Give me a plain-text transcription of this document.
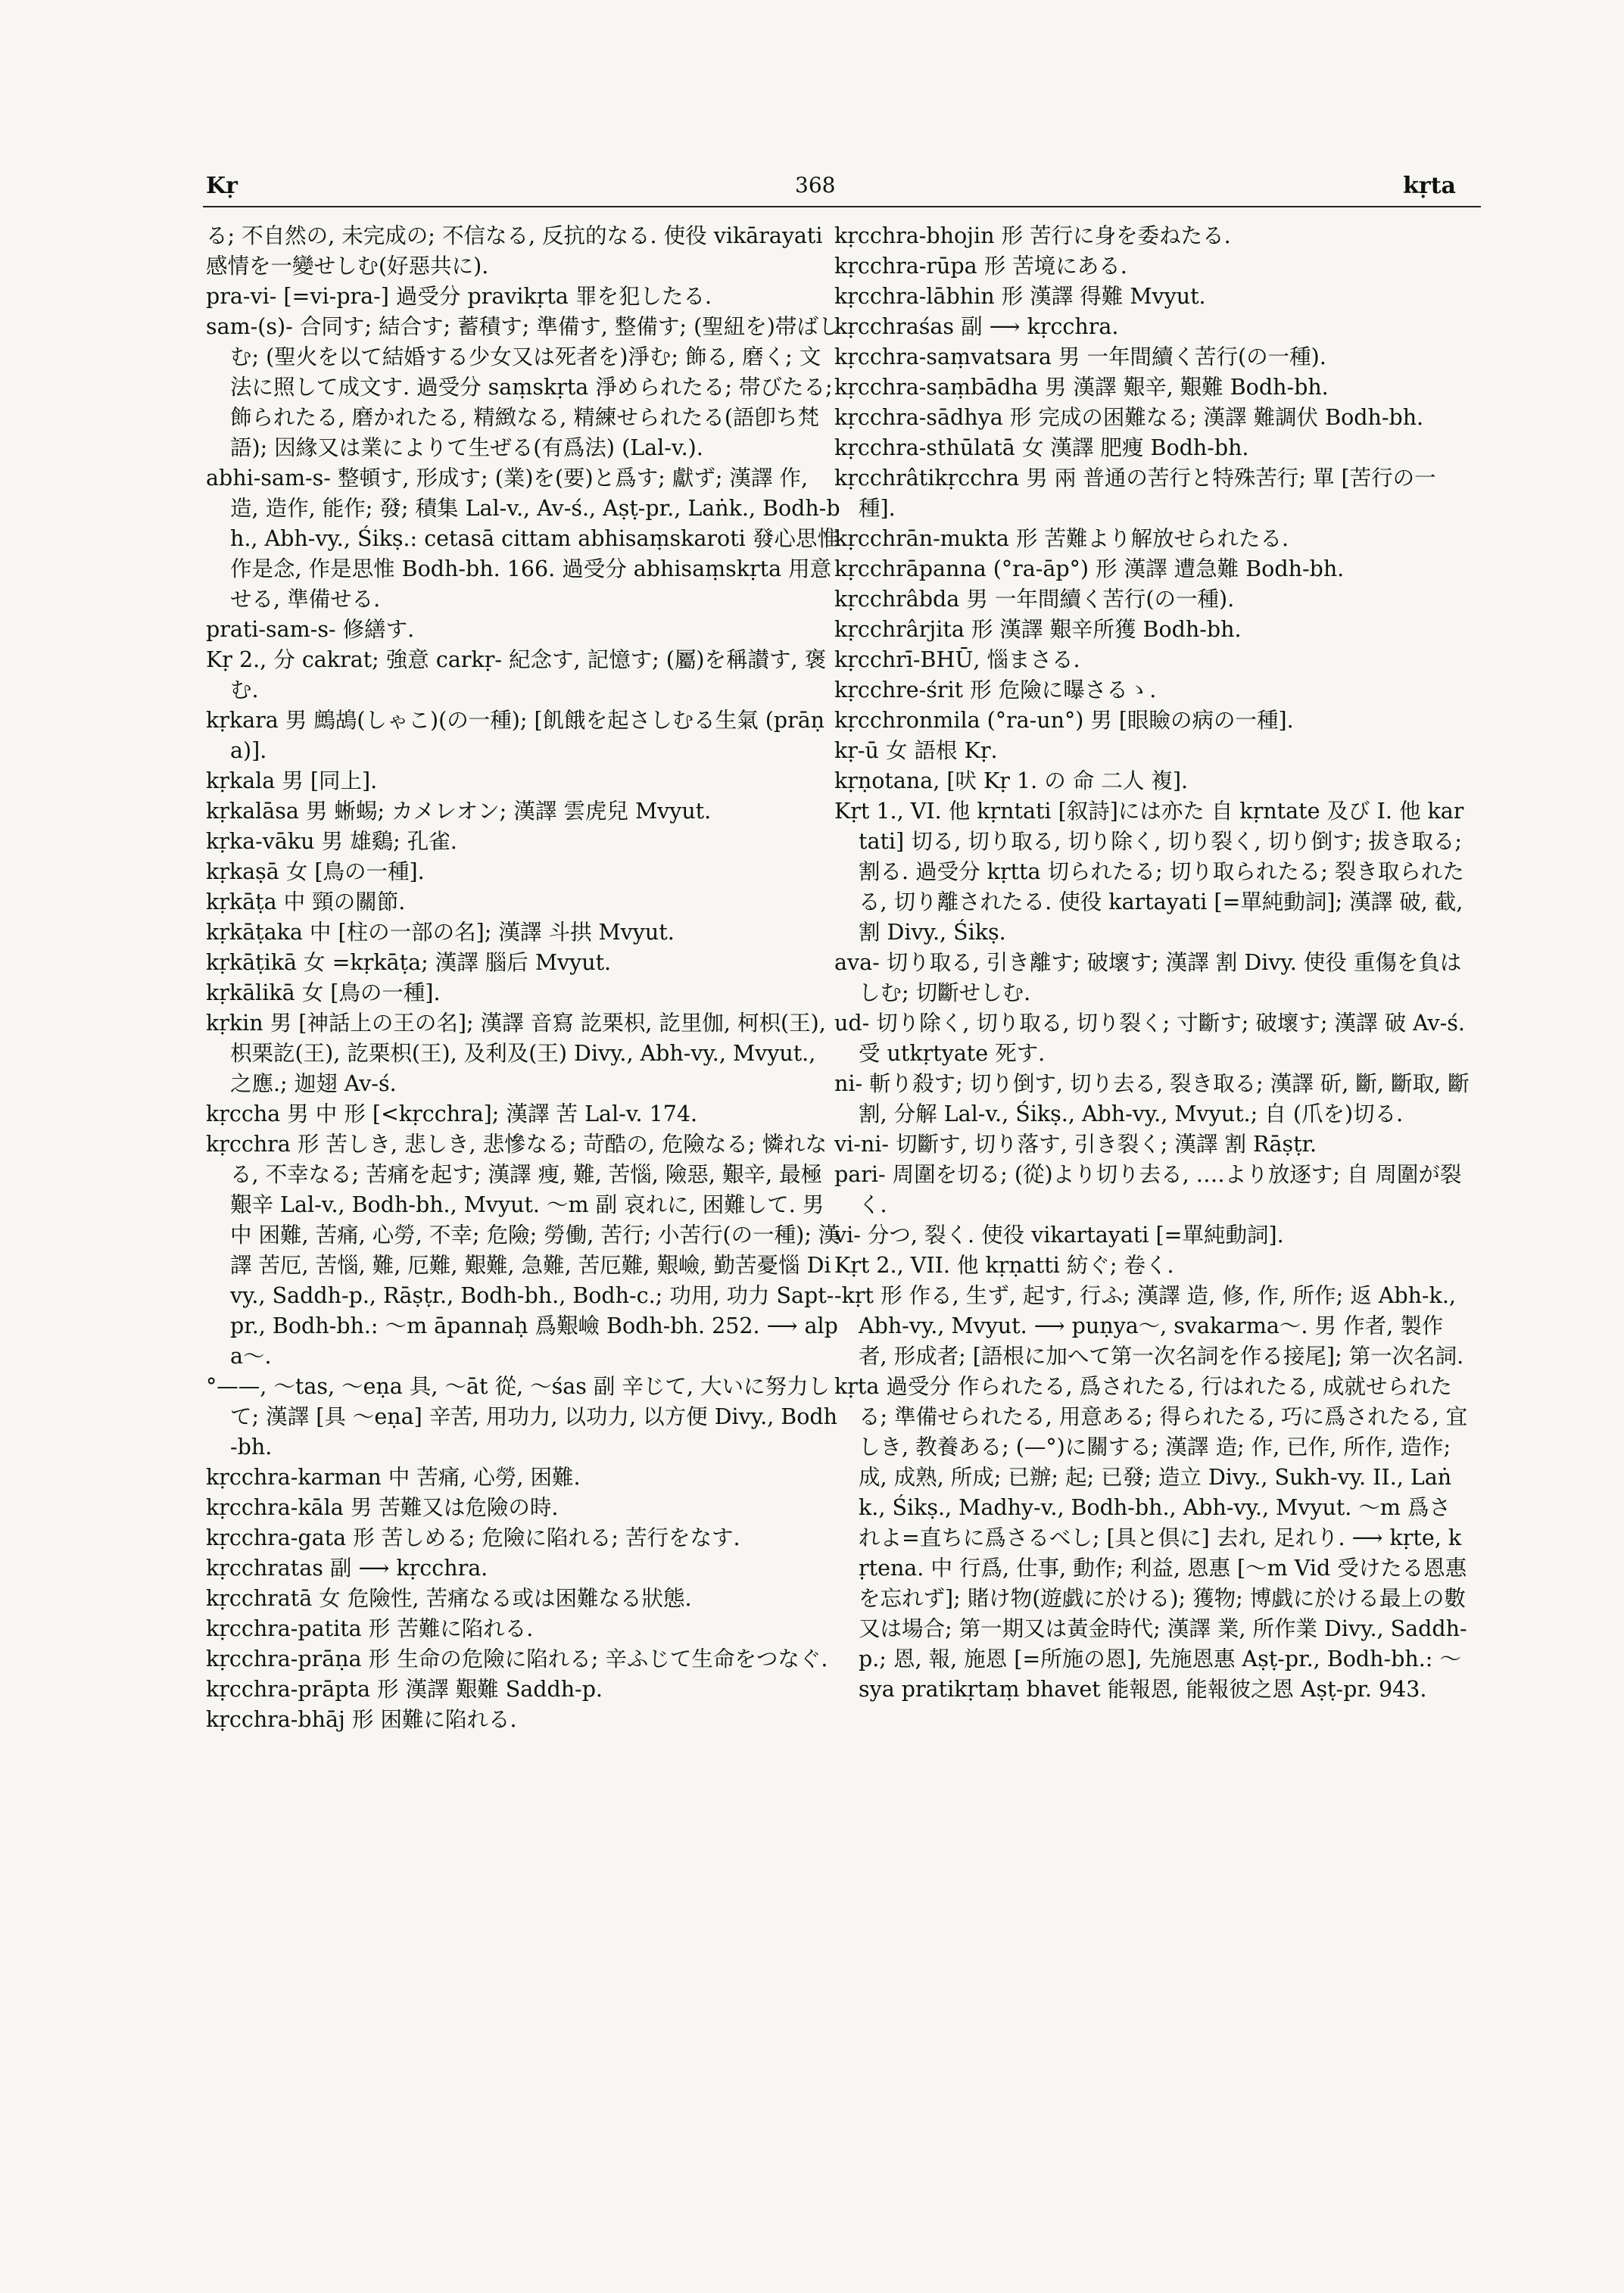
Kṛ	368	kṛta

る; 不自然の, 未完成の; 不信なる, 反抗的なる. 使役 vikārayati 感情を一變せしむ(好惡共に).

pra-vi- [=vi-pra-] 過受分 pravikṛta 罪を犯したる.

sam-(s)- 合同す; 結合す; 蓄積す; 準備す, 整備す; (聖紐を)帯ばしむ; (聖火を以て結婚する少女又は死者を)淨む; 飾る, 磨く; 文法に照して成文す. 過受分 saṃskṛta 淨められたる; 帯びたる; 飾られたる, 磨かれたる, 精緻なる, 精練せられたる(語卽ち梵語); 因緣又は業によりて生ぜる(有爲法) (Lal-v.).

abhi-sam-s- 整頓す, 形成す; (業)を(要)と爲す; 獻ず; 漢譯 作, 造, 造作, 能作; 發; 積集 Lal-v., Av-ś., Aṣṭ-pr., Laṅk., Bodh-bh., Abh-vy., Śikṣ.: cetasā cittam abhisaṃskaroti 發心思惟 作是念, 作是思惟 Bodh-bh. 166. 過受分 abhisaṃskṛta 用意せる, 準備せる.

prati-sam-s- 修繕す.

Kṛ 2., 分 cakrat; 強意 carkṛ- 紀念す, 記憶す; (屬)を稱讃す, 褒む.

kṛkara 男 鷓鴣(しゃこ)(の一種); [飢餓を起さしむる生氣 (prāṇa)].

kṛkala 男 [同上].

kṛkalāsa 男 蜥蜴; カメレオン; 漢譯 雲虎兒 Mvyut.

kṛka-vāku 男 雄鷄; 孔雀.

kṛkaṣā 女 [鳥の一種].

kṛkāṭa 中 頸の關節.

kṛkāṭaka 中 [柱の一部の名]; 漢譯 斗拱 Mvyut.

kṛkāṭikā 女 =kṛkāṭa; 漢譯 腦后 Mvyut.

kṛkālikā 女 [鳥の一種].

kṛkin 男 [神話上の王の名]; 漢譯 音寫 訖栗枳, 訖里伽, 柯枳(王), 枳栗訖(王), 訖栗枳(王), 及利及(王) Divy., Abh-vy., Mvyut., 之應.; 迦翅 Av-ś.

kṛccha 男 中 形 [<kṛcchra]; 漢譯 苦 Lal-v. 174.

kṛcchra 形 苦しき, 悲しき, 悲慘なる; 苛酷の, 危險なる; 憐れなる, 不幸なる; 苦痛を起す; 漢譯 痩, 難, 苦惱, 險惡, 艱辛, 最極艱辛 Lal-v., Bodh-bh., Mvyut. ～m 副 哀れに, 困難して. 男 中 困難, 苦痛, 心勞, 不幸; 危險; 勞働, 苦行; 小苦行(の一種); 漢譯 苦厄, 苦惱, 難, 厄難, 艱難, 急難, 苦厄難, 艱嶮, 勤苦憂惱 Divy., Saddh-p., Rāṣṭr., Bodh-bh., Bodh-c.; 功用, 功力 Sapt-pr., Bodh-bh.: ～m āpannaḥ 爲艱嶮 Bodh-bh. 252. ⟶ alpa～.

°——, ～tas, ～eṇa 具, ～āt 從, ～śas 副 辛じて, 大いに努力して; 漢譯 [具 ～eṇa] 辛苦, 用功力, 以功力, 以方便 Divy., Bodh-bh.

kṛcchra-karman 中 苦痛, 心勞, 困難.

kṛcchra-kāla 男 苦難又は危險の時.

kṛcchra-gata 形 苦しめる; 危險に陷れる; 苦行をなす.

kṛcchratas 副 ⟶ kṛcchra.

kṛcchratā 女 危險性, 苦痛なる或は困難なる狀態.

kṛcchra-patita 形 苦難に陷れる.

kṛcchra-prāṇa 形 生命の危險に陷れる; 辛ふじて生命をつなぐ.

kṛcchra-prāpta 形 漢譯 艱難 Saddh-p.

kṛcchra-bhāj 形 困難に陷れる.

kṛcchra-bhojin 形 苦行に身を委ねたる.

kṛcchra-rūpa 形 苦境にある.

kṛcchra-lābhin 形 漢譯 得難 Mvyut.

kṛcchraśas 副 ⟶ kṛcchra.

kṛcchra-saṃvatsara 男 一年間續く苦行(の一種).

kṛcchra-saṃbādha 男 漢譯 艱辛, 艱難 Bodh-bh.

kṛcchra-sādhya 形 完成の困難なる; 漢譯 難調伏 Bodh-bh.

kṛcchra-sthūlatā 女 漢譯 肥痩 Bodh-bh.

kṛcchrâtikṛcchra 男 兩 普通の苦行と特殊苦行; 單 [苦行の一種].

kṛcchrān-mukta 形 苦難より解放せられたる.

kṛcchrāpanna (°ra-āp°) 形 漢譯 遭急難 Bodh-bh.

kṛcchrâbda 男 一年間續く苦行(の一種).

kṛcchrârjita 形 漢譯 艱辛所獲 Bodh-bh.

kṛcchrī-BHŪ, 惱まさる.

kṛcchre-śrit 形 危險に曝さるゝ.

kṛcchronmila (°ra-un°) 男 [眼瞼の病の一種].

kṛ-ū 女 語根 Kṛ.

kṛṇotana, [吠 Kṛ 1. の 命 二人 複].

Kṛt 1., VI. 他 kṛntati [叙詩]には亦た 自 kṛntate 及び I. 他 kartati] 切る, 切り取る, 切り除く, 切り裂く, 切り倒す; 拔き取る; 割る. 過受分 kṛtta 切られたる; 切り取られたる; 裂き取られたる, 切り離されたる. 使役 kartayati [=單純動詞]; 漢譯 破, 截, 割 Divy., Śikṣ.

ava- 切り取る, 引き離す; 破壞す; 漢譯 割 Divy. 使役 重傷を負はしむ; 切斷せしむ.

ud- 切り除く, 切り取る, 切り裂く; 寸斷す; 破壞す; 漢譯 破 Av-ś. 受 utkṛtyate 死す.

ni- 斬り殺す; 切り倒す, 切り去る, 裂き取る; 漢譯 斫, 斷, 斷取, 斷割, 分解 Lal-v., Śikṣ., Abh-vy., Mvyut.; 自 (爪を)切る.

vi-ni- 切斷す, 切り落す, 引き裂く; 漢譯 割 Rāṣṭr.

pari- 周圍を切る; (從)より切り去る, ‥‥より放逐す; 自 周圍が裂く.

vi- 分つ, 裂く. 使役 vikartayati [=單純動詞].

Kṛt 2., VII. 他 kṛṇatti 紡ぐ; 卷く.

-kṛt 形 作る, 生ず, 起す, 行ふ; 漢譯 造, 修, 作, 所作; 返 Abh-k., Abh-vy., Mvyut. ⟶ puṇya～, svakarma～. 男 作者, 製作者, 形成者; [語根に加へて第一次名詞を作る接尾]; 第一次名詞.

kṛta 過受分 作られたる, 爲されたる, 行はれたる, 成就せられたる; 準備せられたる, 用意ある; 得られたる, 巧に爲されたる, 宜しき, 教養ある; (—°)に關する; 漢譯 造; 作, 已作, 所作, 造作; 成, 成熟, 所成; 已辦; 起; 已發; 造立 Divy., Sukh-vy. II., Laṅk., Śikṣ., Madhy-v., Bodh-bh., Abh-vy., Mvyut. ～m 爲されよ=直ちに爲さるべし; [具と倶に] 去れ, 足れり. ⟶ kṛte, kṛtena. 中 行爲, 仕事, 動作; 利益, 恩惠 [～m Vid 受けたる恩惠を忘れず]; 賭け物(遊戯に於ける); 獲物; 博戯に於ける最上の數又は場合; 第一期又は黃金時代; 漢譯 業, 所作業 Divy., Saddh-p.; 恩, 報, 施恩 [=所施の恩], 先施恩惠 Aṣṭ-pr., Bodh-bh.: ～sya pratikṛtaṃ bhavet 能報恩, 能報彼之恩 Aṣṭ-pr. 943.
